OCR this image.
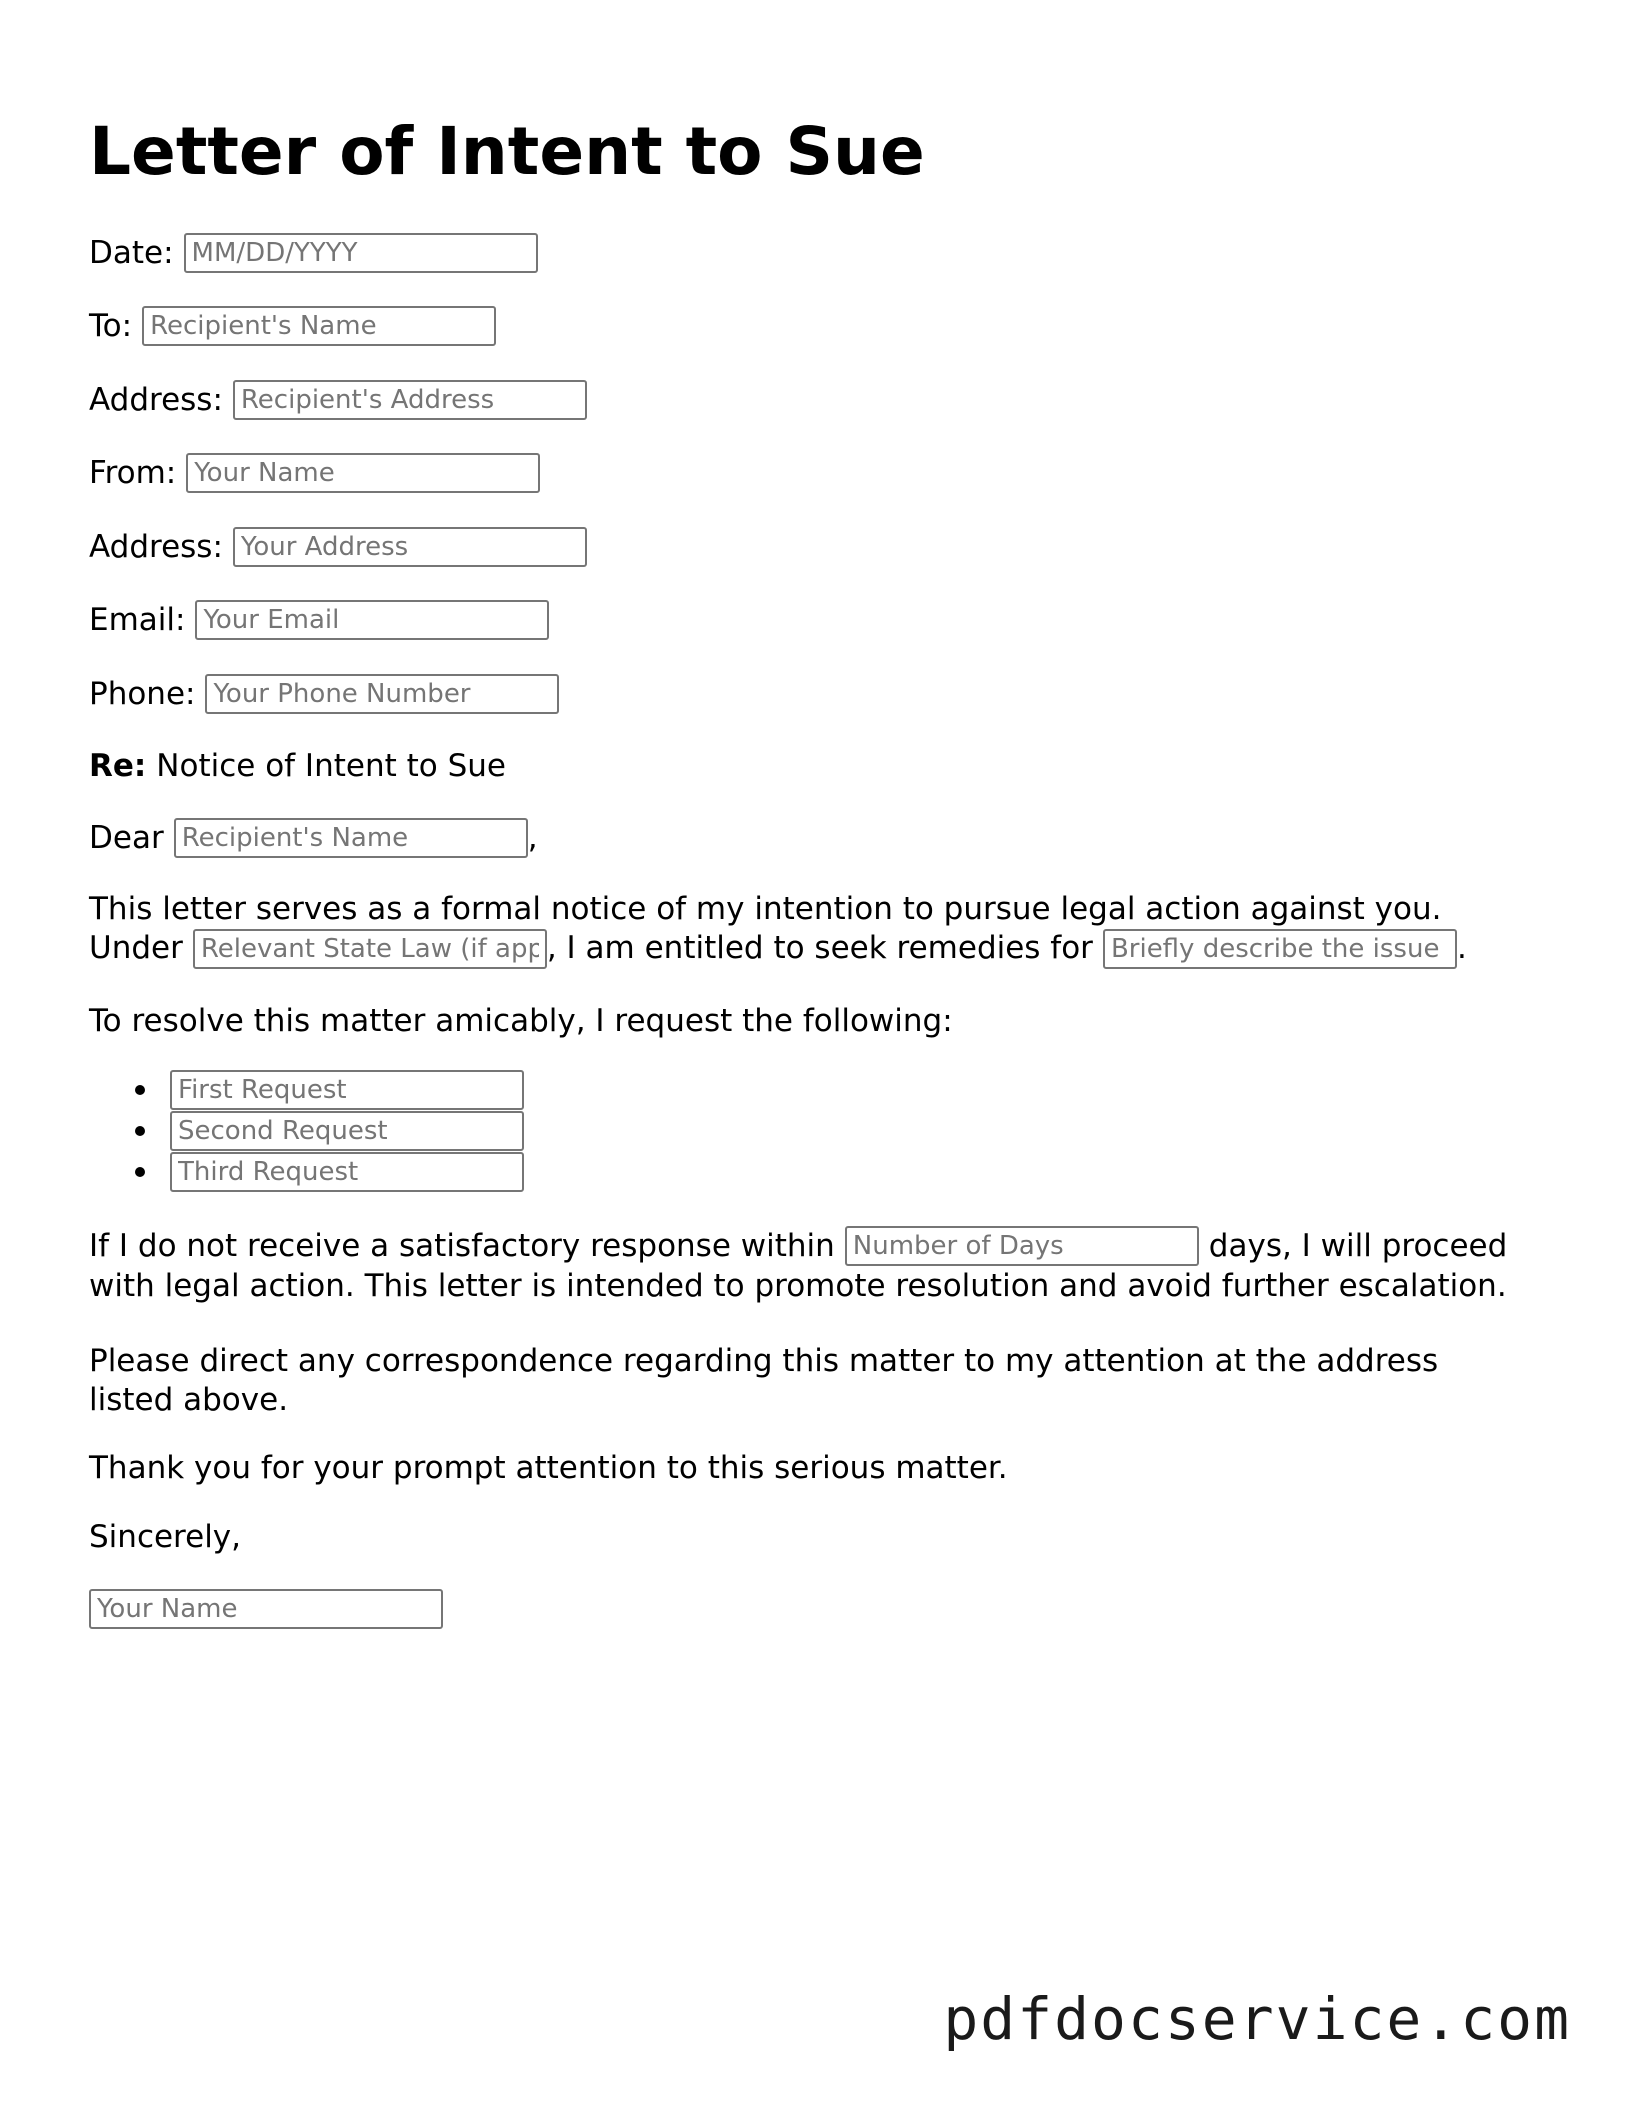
Letter of Intent to Sue
Date:
MM/DD/YYYY
To:
Recipient's Name
Address:
Recipient's Address
From:
Your Name
Address:
Your Address
Email:
Your Email
Phone:
Your Phone Number
Re: Notice of Intent to Sue
Dear
Recipient's Name	,
This letter serves as a formal notice of my intention to pursue legal action against you.
Under
Relevant State Law (if applicable)	, I am entitled to seek remedies for
Briefly describe the issue or damages	.
To resolve this matter amicably, I request the following:
First Request
Second Request
Third Request
If I do not receive a satisfactory response within
Number of Days	days, I will proceed
with legal action. This letter is intended to promote resolution and avoid further escalation.
Please direct any correspondence regarding this matter to my attention at the address
listed above.
Thank you for your prompt attention to this serious matter.
Sincerely,
Your Name
pdfdocservice.com
